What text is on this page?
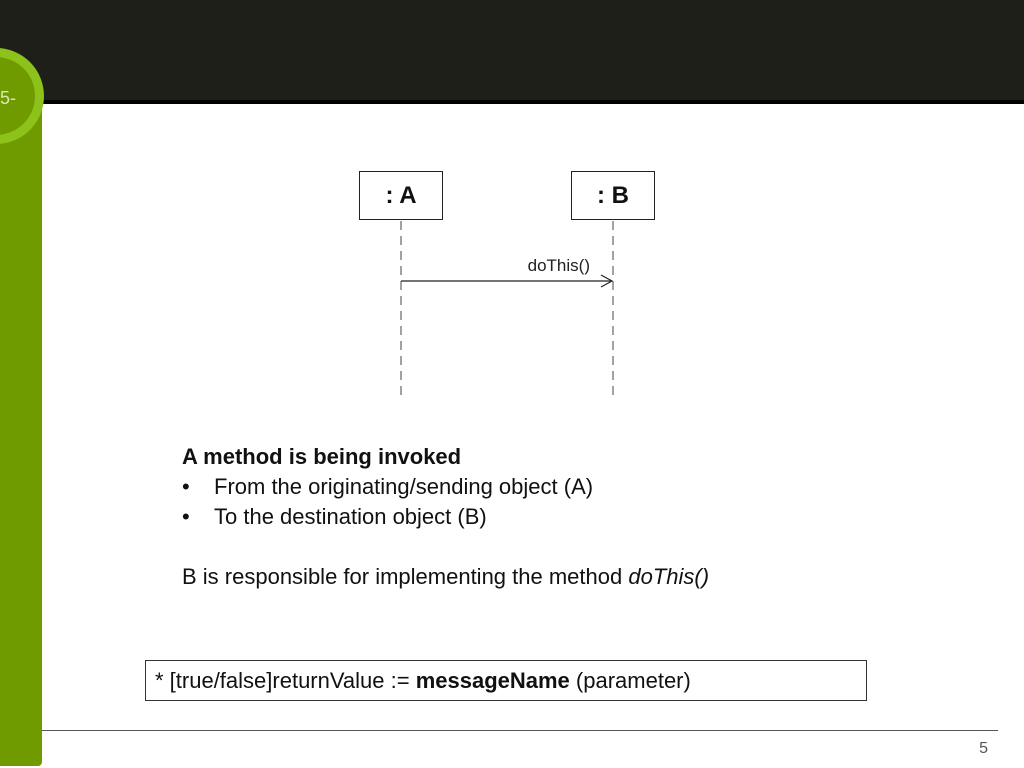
5-
doThis()
: A	: B
A method is being invoked
•	From the originating/sending object (A)
•	To the destination object (B)
B is responsible for implementing the method doThis()
* [true/false]returnValue := messageName (parameter)
5
